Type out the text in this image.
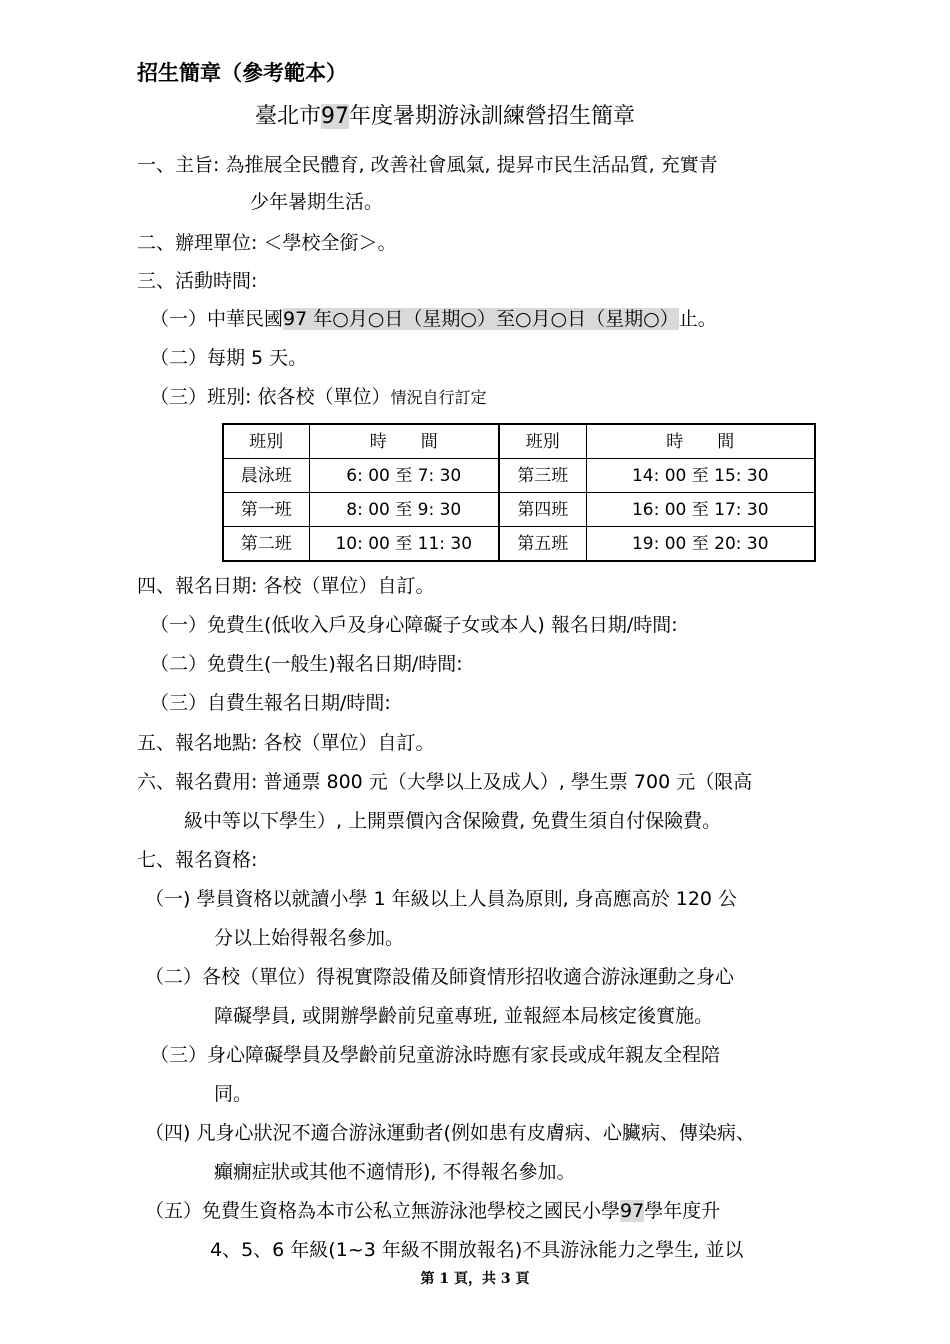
招生簡章（參考範本）
臺北市97年度暑期游泳訓練營招生簡章
一、主旨: 為推展全民體育, 改善社會風氣, 提昇市民生活品質, 充實青
少年暑期生活。
二、辦理單位: ＜學校全銜＞。
三、活動時間:
（一）中華民國97 年○月○日（星期○）至○月○日（星期○）止。
（二）每期 5 天。
（三）班別: 依各校（單位）情況自行訂定
班別	時　　間	班別	時　　間
晨泳班	6: 00 至 7: 30	第三班	14: 00 至 15: 30
第一班	8: 00 至 9: 30	第四班	16: 00 至 17: 30
第二班	10: 00 至 11: 30	第五班	19: 00 至 20: 30
四、報名日期: 各校（單位）自訂。
（一）免費生(低收入戶及身心障礙子女或本人) 報名日期/時間:
（二）免費生(一般生)報名日期/時間:
（三）自費生報名日期/時間:
五、報名地點: 各校（單位）自訂。
六、報名費用: 普通票 800 元（大學以上及成人）, 學生票 700 元（限高
級中等以下學生）, 上開票價內含保險費, 免費生須自付保險費。
七、報名資格:
（一) 學員資格以就讀小學 1 年級以上人員為原則, 身高應高於 120 公
分以上始得報名參加。
（二）各校（單位）得視實際設備及師資情形招收適合游泳運動之身心
障礙學員, 或開辦學齡前兒童專班, 並報經本局核定後實施。
（三）身心障礙學員及學齡前兒童游泳時應有家長或成年親友全程陪
同。
（四) 凡身心狀況不適合游泳運動者(例如患有皮膚病、心臟病、傳染病、
癲癇症狀或其他不適情形), 不得報名參加。
（五）免費生資格為本市公私立無游泳池學校之國民小學97學年度升
4、5、6 年級(1~3 年級不開放報名)不具游泳能力之學生, 並以
第 1 頁，共 3 頁
